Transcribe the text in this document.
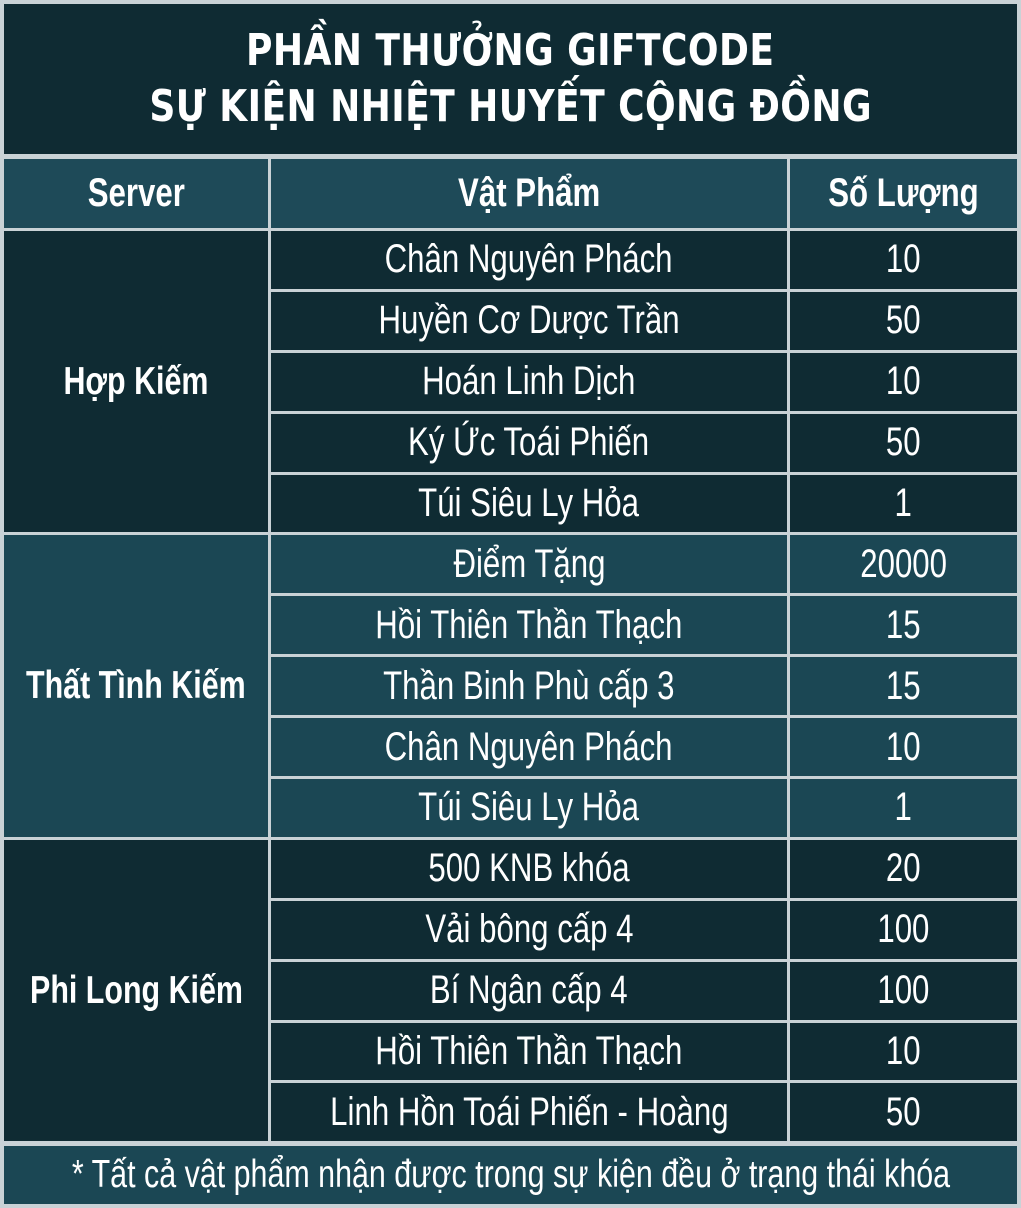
PHẦN THƯỞNG GIFTCODE
SỰ KIỆN NHIỆT HUYẾT CỘNG ĐỒNG
Server	Vật Phẩm	Số Lượng
Hợp Kiếm
Chân Nguyên Phách	10
Huyền Cơ Dược Trần	50
Hoán Linh Dịch	10
Ký Ức Toái Phiến	50
Túi Siêu Ly Hỏa	1
Thất Tình Kiếm
Điểm Tặng	20000
Hồi Thiên Thần Thạch	15
Thần Binh Phù cấp 3	15
Chân Nguyên Phách	10
Túi Siêu Ly Hỏa	1
Phi Long Kiếm
500 KNB khóa	20
Vải bông cấp 4	100
Bí Ngân cấp 4	100
Hồi Thiên Thần Thạch	10
Linh Hồn Toái Phiến - Hoàng	50
* Tất cả vật phẩm nhận được trong sự kiện đều ở trạng thái khóa
